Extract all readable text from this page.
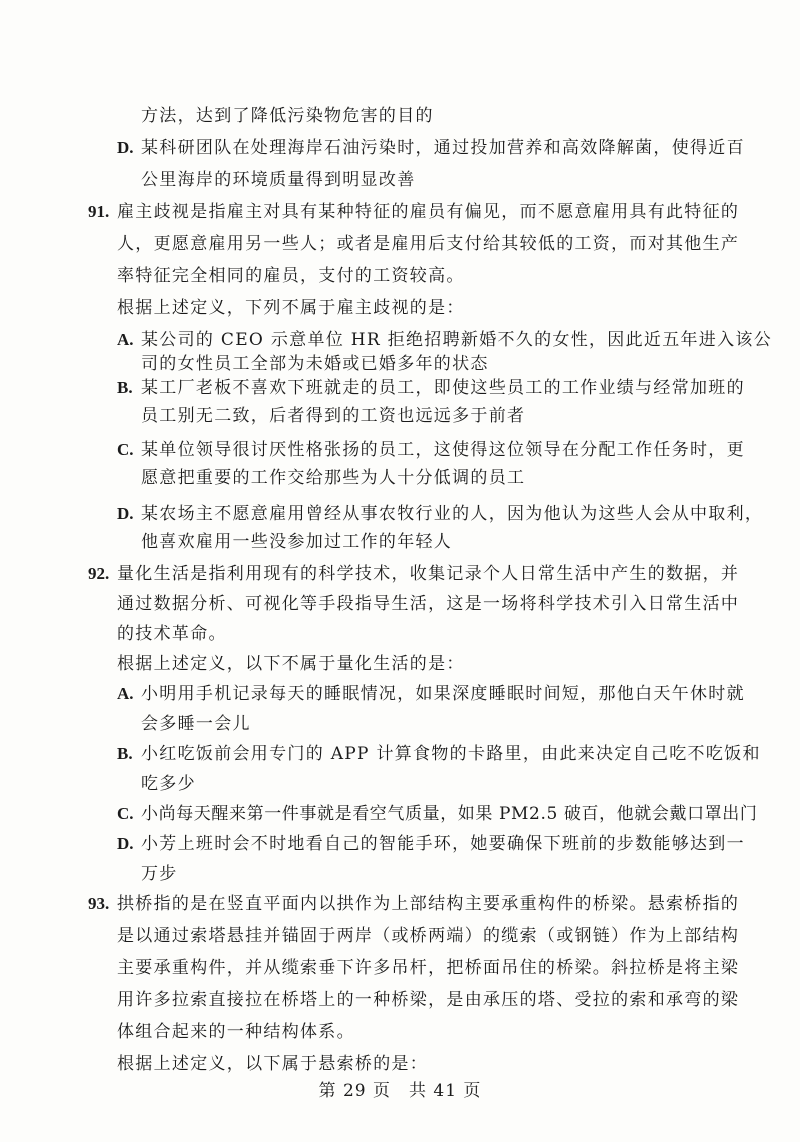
方法，达到了降低污染物危害的目的
D. 某科研团队在处理海岸石油污染时，通过投加营养和高效降解菌，使得近百
公里海岸的环境质量得到明显改善
91. 雇主歧视是指雇主对具有某种特征的雇员有偏见，而不愿意雇用具有此特征的
人，更愿意雇用另一些人；或者是雇用后支付给其较低的工资，而对其他生产
率特征完全相同的雇员，支付的工资较高。
根据上述定义，下列不属于雇主歧视的是：
A. 某公司的 CEO 示意单位 HR 拒绝招聘新婚不久的女性，因此近五年进入该公
司的女性员工全部为未婚或已婚多年的状态
B. 某工厂老板不喜欢下班就走的员工，即使这些员工的工作业绩与经常加班的
员工别无二致，后者得到的工资也远远多于前者
C. 某单位领导很讨厌性格张扬的员工，这使得这位领导在分配工作任务时，更
愿意把重要的工作交给那些为人十分低调的员工
D. 某农场主不愿意雇用曾经从事农牧行业的人，因为他认为这些人会从中取利，
他喜欢雇用一些没参加过工作的年轻人
92. 量化生活是指利用现有的科学技术，收集记录个人日常生活中产生的数据，并
通过数据分析、可视化等手段指导生活，这是一场将科学技术引入日常生活中
的技术革命。
根据上述定义，以下不属于量化生活的是：
A. 小明用手机记录每天的睡眠情况，如果深度睡眠时间短，那他白天午休时就
会多睡一会儿
B. 小红吃饭前会用专门的 APP 计算食物的卡路里，由此来决定自己吃不吃饭和
吃多少
C. 小尚每天醒来第一件事就是看空气质量，如果 PM2.5 破百，他就会戴口罩出门
D. 小芳上班时会不时地看自己的智能手环，她要确保下班前的步数能够达到一
万步
93. 拱桥指的是在竖直平面内以拱作为上部结构主要承重构件的桥梁。悬索桥指的
是以通过索塔悬挂并锚固于两岸（或桥两端）的缆索（或钢链）作为上部结构
主要承重构件，并从缆索垂下许多吊杆，把桥面吊住的桥梁。斜拉桥是将主梁
用许多拉索直接拉在桥塔上的一种桥梁，是由承压的塔、受拉的索和承弯的梁
体组合起来的一种结构体系。
根据上述定义，以下属于悬索桥的是：
第 29 页　共 41 页
